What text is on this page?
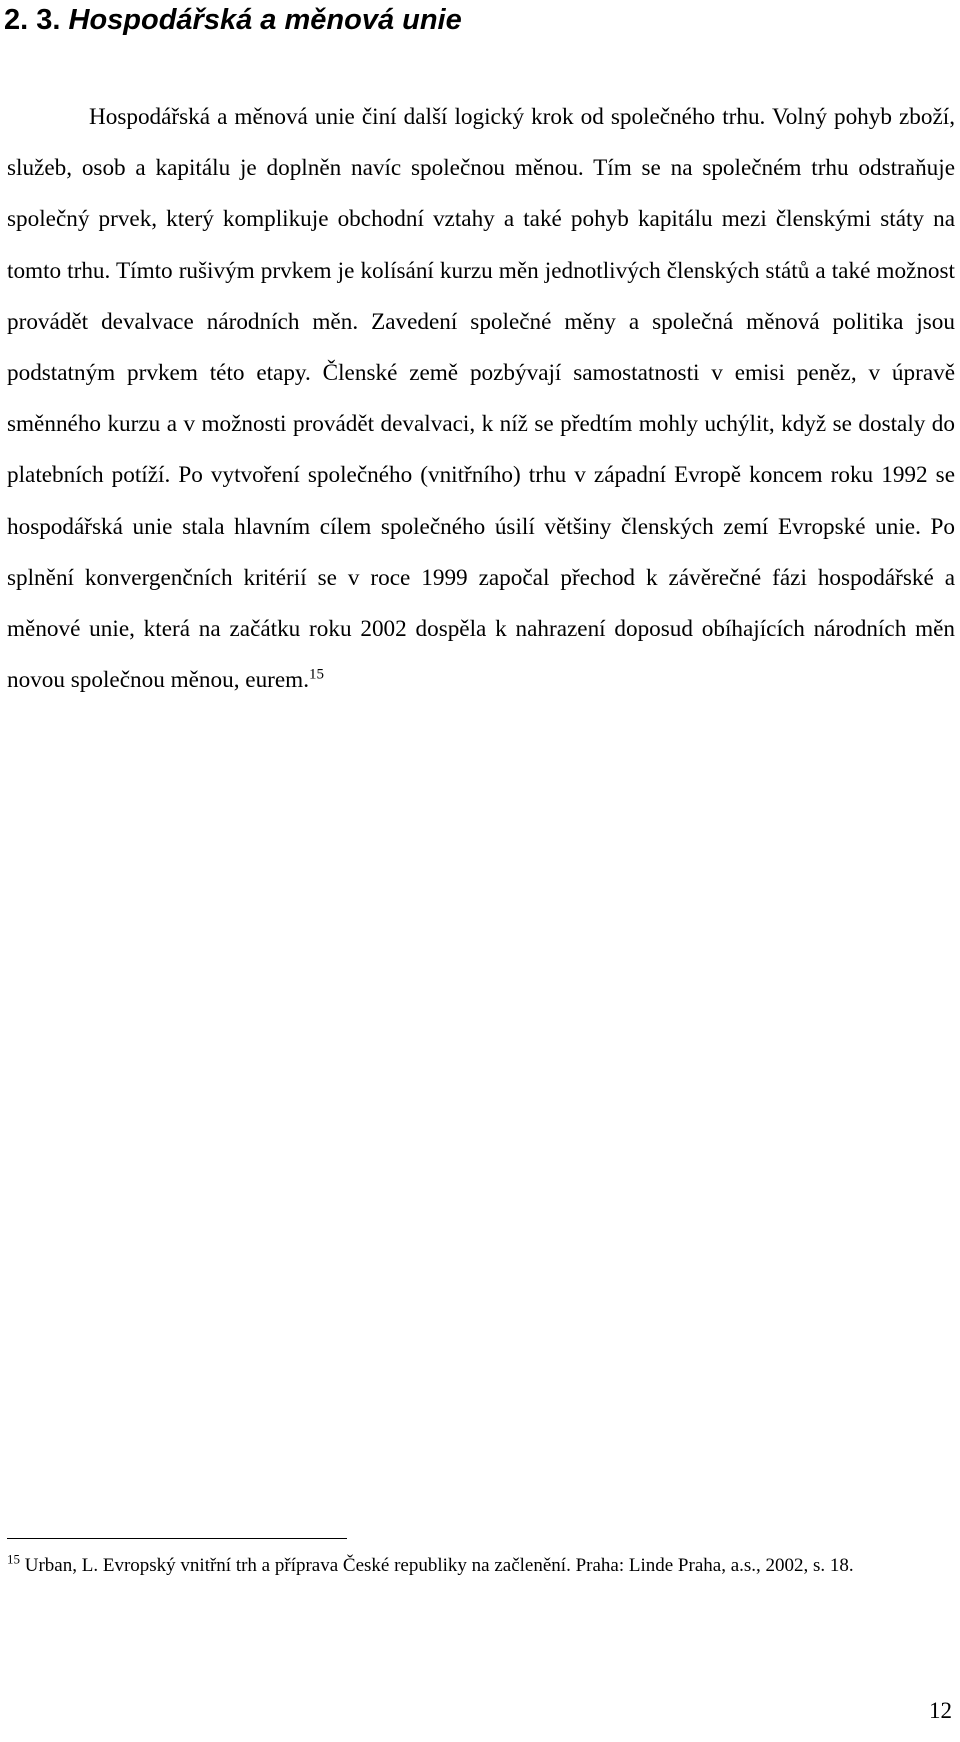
2. 3. Hospodářská a měnová unie

Hospodářská a měnová unie činí další logický krok od společného trhu. Volný pohyb zboží, služeb, osob a kapitálu je doplněn navíc společnou měnou. Tím se na společném trhu odstraňuje společný prvek, který komplikuje obchodní vztahy a také pohyb kapitálu mezi členskými státy na tomto trhu. Tímto rušivým prvkem je kolísání kurzu měn jednotlivých členských států a také možnost provádět devalvace národních měn. Zavedení společné měny a společná měnová politika jsou podstatným prvkem této etapy. Členské země pozbývají samostatnosti v emisi peněz, v úpravě směnného kurzu a v možnosti provádět devalvaci, k níž se předtím mohly uchýlit, když se dostaly do platebních potíží. Po vytvoření společného (vnitřního) trhu v západní Evropě koncem roku 1992 se hospodářská unie stala hlavním cílem společného úsilí většiny členských zemí Evropské unie. Po splnění konvergenčních kritérií se v roce 1999 započal přechod k závěrečné fázi hospodářské a měnové unie, která na začátku roku 2002 dospěla k nahrazení doposud obíhajících národních měn novou společnou měnou, eurem.$^{15}$

$^{15}$ Urban, L. Evropský vnitřní trh a příprava České republiky na začlenění. Praha: Linde Praha, a.s., 2002, s. 18.

12
